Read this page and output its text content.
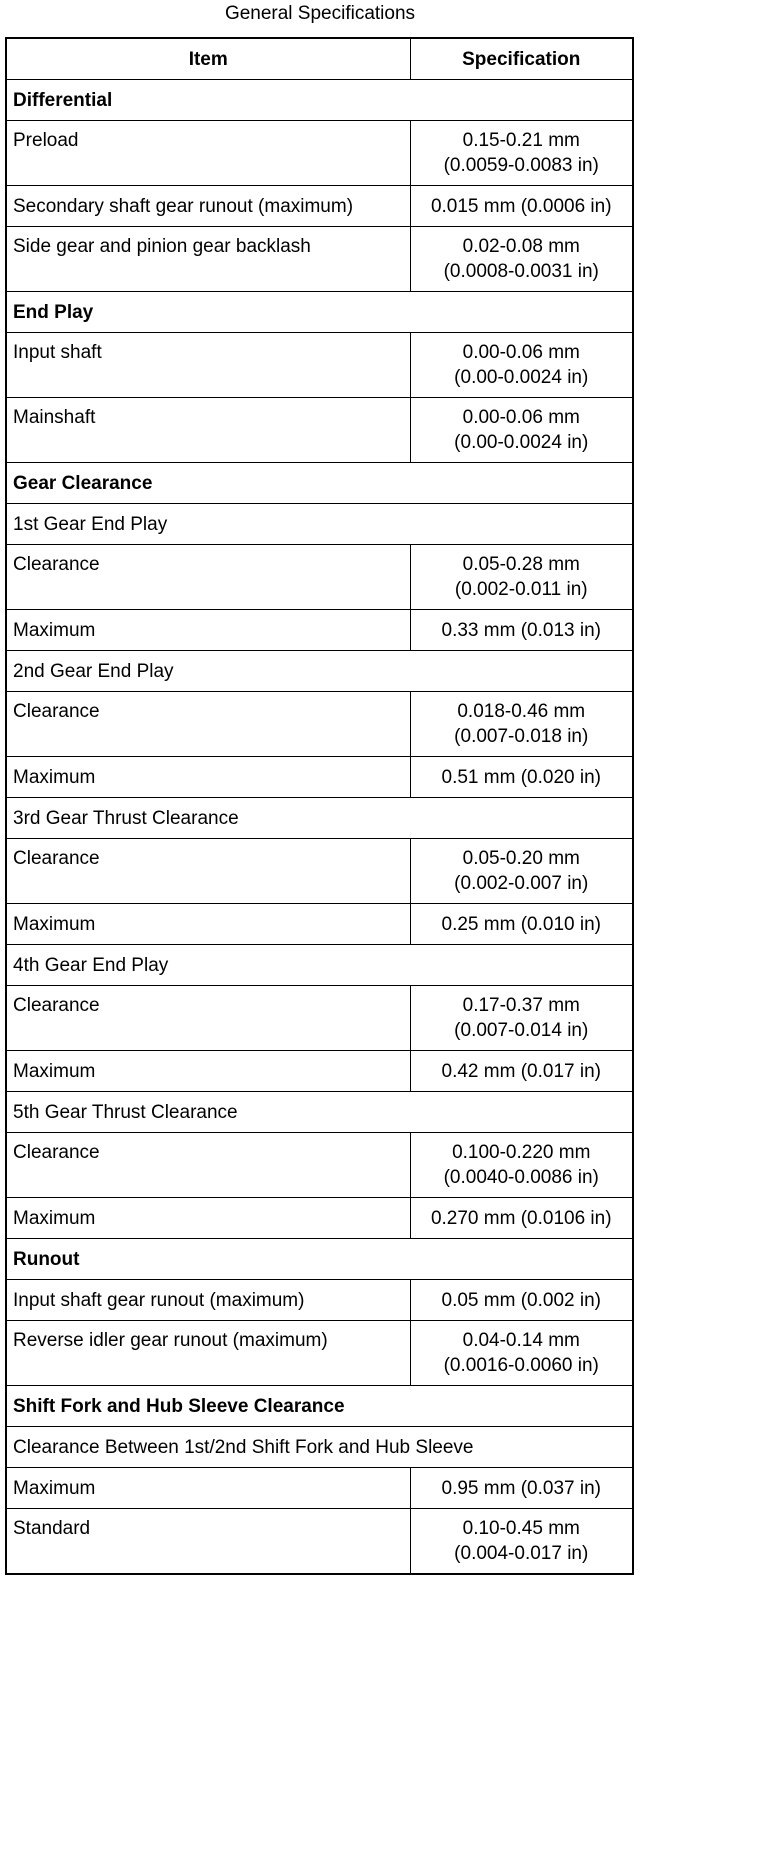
General Specifications
Item	Specification
Differential	
Preload	0.15-0.21 mm
(0.0059-0.0083 in)
Secondary shaft gear runout (maximum)	0.015 mm (0.0006 in)
Side gear and pinion gear backlash	0.02-0.08 mm
(0.0008-0.0031 in)
End Play	
Input shaft	0.00-0.06 mm
(0.00-0.0024 in)
Mainshaft	0.00-0.06 mm
(0.00-0.0024 in)
Gear Clearance	
1st Gear End Play	
Clearance	0.05-0.28 mm
(0.002-0.011 in)
Maximum	0.33 mm (0.013 in)
2nd Gear End Play	
Clearance	0.018-0.46 mm
(0.007-0.018 in)
Maximum	0.51 mm (0.020 in)
3rd Gear Thrust Clearance	
Clearance	0.05-0.20 mm
(0.002-0.007 in)
Maximum	0.25 mm (0.010 in)
4th Gear End Play	
Clearance	0.17-0.37 mm
(0.007-0.014 in)
Maximum	0.42 mm (0.017 in)
5th Gear Thrust Clearance	
Clearance	0.100-0.220 mm
(0.0040-0.0086 in)
Maximum	0.270 mm (0.0106 in)
Runout	
Input shaft gear runout (maximum)	0.05 mm (0.002 in)
Reverse idler gear runout (maximum)	0.04-0.14 mm
(0.0016-0.0060 in)
Shift Fork and Hub Sleeve Clearance	
Clearance Between 1st/2nd Shift Fork and Hub Sleeve	
Maximum	0.95 mm (0.037 in)
Standard	0.10-0.45 mm
(0.004-0.017 in)
